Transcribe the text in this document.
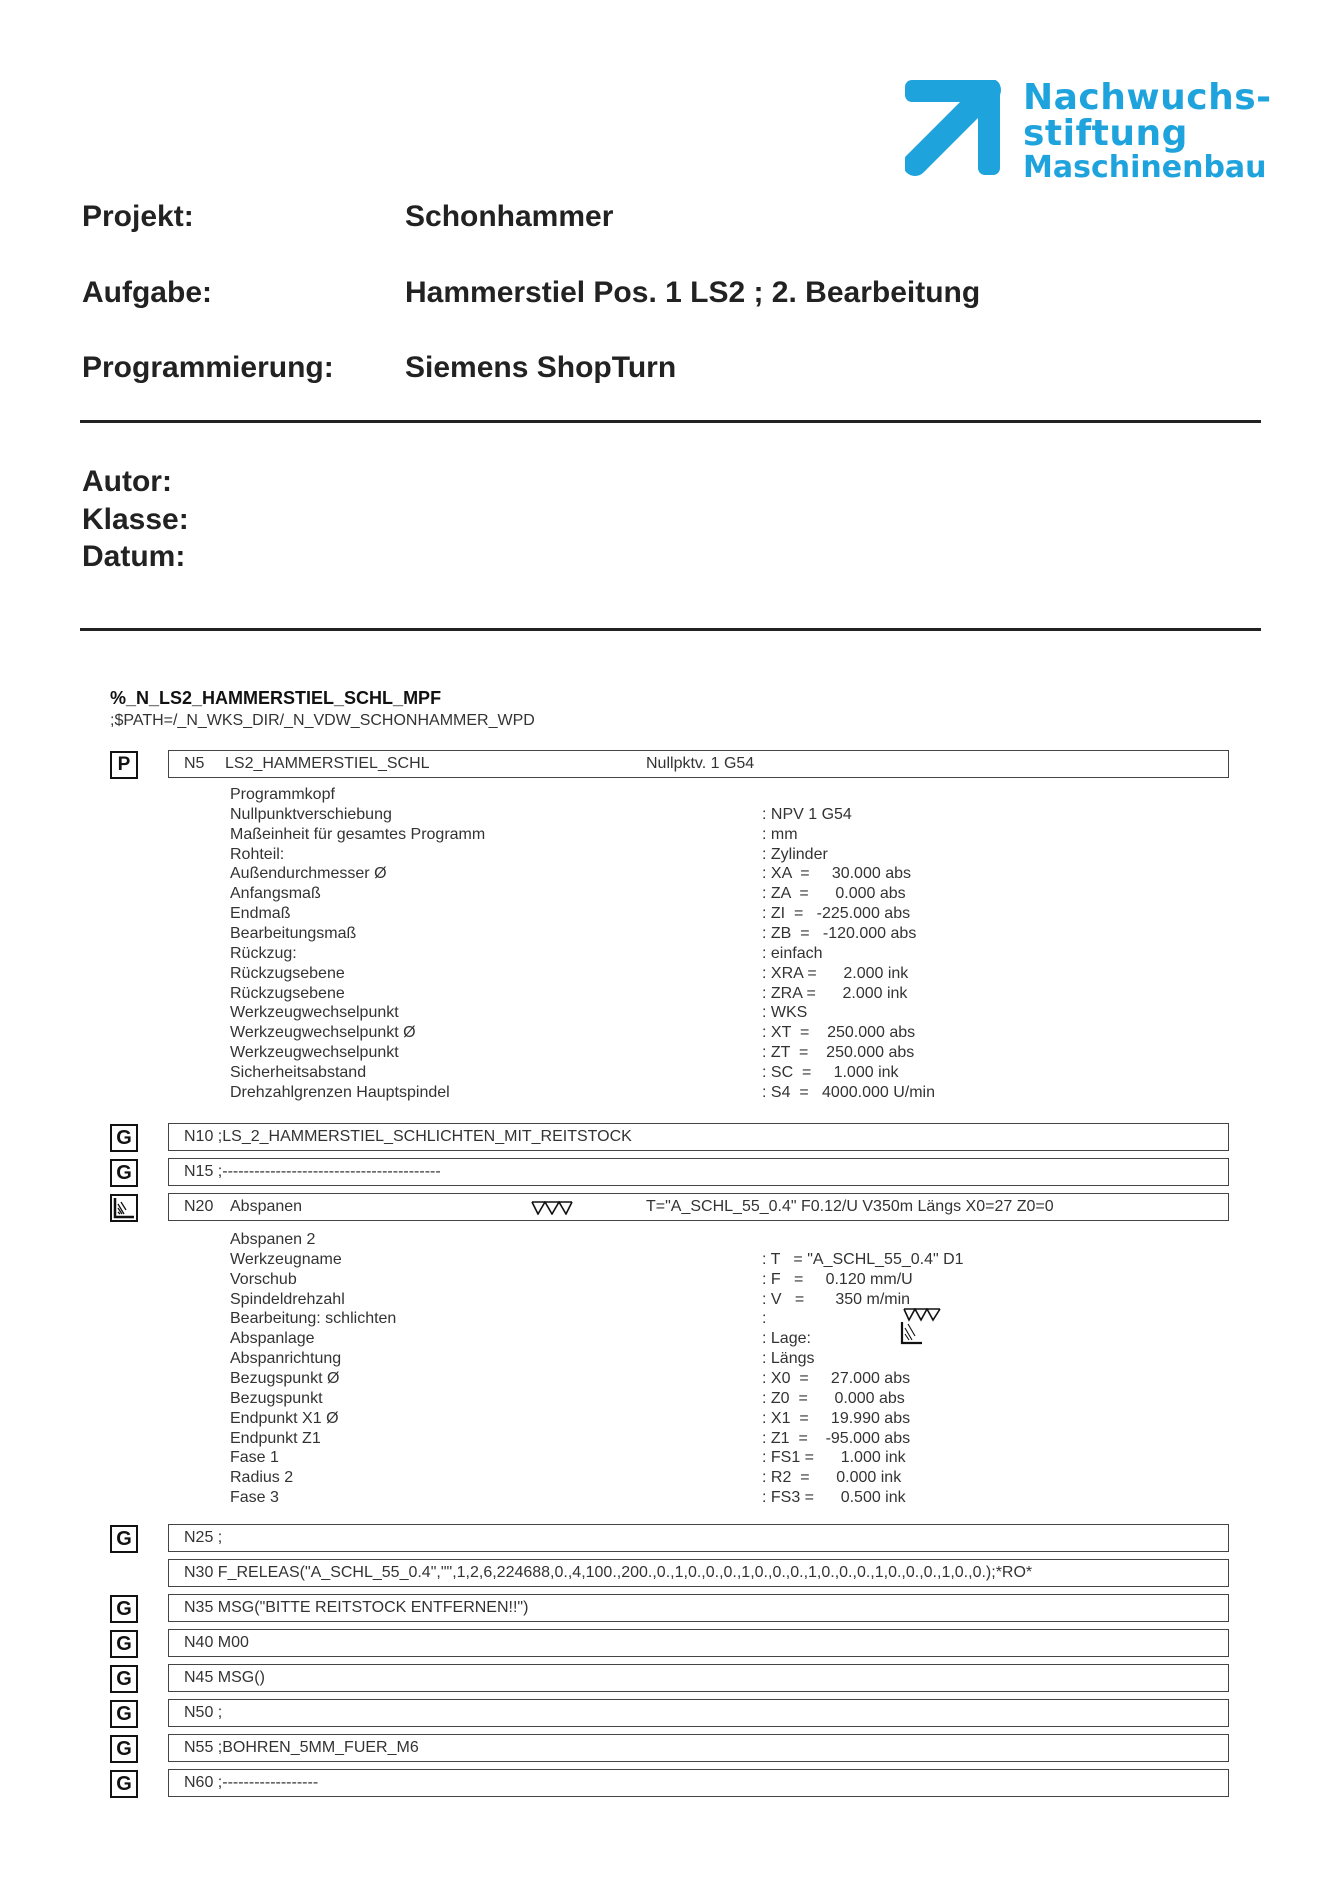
Nachwuchs-
stiftung
Maschinenbau
Projekt:	Schonhammer
Aufgabe:	Hammerstiel Pos. 1 LS2 ; 2. Bearbeitung
Programmierung: Siemens ShopTurn
Autor:
Klasse:
Datum:
%_N_LS2_HAMMERSTIEL_SCHL_MPF
;$PATH=/_N_WKS_DIR/_N_VDW_SCHONHAMMER_WPD
P	N5 LS2_HAMMERSTIEL_SCHL	Nullpktv. 1 G54
Programmkopf
Nullpunktverschiebung	: NPV 1 G54
Maßeinheit für gesamtes Programm	: mm
Rohteil:	: Zylinder
Außendurchmesser Ø	: XA  =     30.000 abs
Anfangsmaß	: ZA  =      0.000 abs
Endmaß	: ZI  =   -225.000 abs
Bearbeitungsmaß	: ZB  =   -120.000 abs
Rückzug:	: einfach
Rückzugsebene	: XRA =      2.000 ink
Rückzugsebene	: ZRA =      2.000 ink
Werkzeugwechselpunkt	: WKS
Werkzeugwechselpunkt Ø	: XT  =    250.000 abs
Werkzeugwechselpunkt	: ZT  =    250.000 abs
Sicherheitsabstand	: SC  =     1.000 ink
Drehzahlgrenzen Hauptspindel	: S4  =   4000.000 U/min
G	N10 ;LS_2_HAMMERSTIEL_SCHLICHTEN_MIT_REITSTOCK
G	N15 ;-----------------------------------------
N20 Abspanen	T="A_SCHL_55_0.4" F0.12/U V350m Längs X0=27 Z0=0
Abspanen 2
Werkzeugname	: T   = "A_SCHL_55_0.4" D1
Vorschub	: F   =     0.120 mm/U
Spindeldrehzahl	: V   =       350 m/min
Bearbeitung: schlichten	:
Abspanlage	: Lage:
Abspanrichtung	: Längs
Bezugspunkt Ø	: X0  =     27.000 abs
Bezugspunkt	: Z0  =      0.000 abs
Endpunkt X1 Ø	: X1  =     19.990 abs
Endpunkt Z1	: Z1  =    -95.000 abs
Fase 1	: FS1 =      1.000 ink
Radius 2	: R2  =      0.000 ink
Fase 3	: FS3 =      0.500 ink
G	N25 ;
N30 F_RELEAS("A_SCHL_55_0.4","",1,2,6,224688,0.,4,100.,200.,0.,1,0.,0.,0.,1,0.,0.,0.,1,0.,0.,0.,1,0.,0.,0.,1,0.,0.);*RO*
G	N35 MSG("BITTE REITSTOCK ENTFERNEN!!")
G	N40 M00
G	N45 MSG()
G	N50 ;
G	N55 ;BOHREN_5MM_FUER_M6
G	N60 ;------------------
